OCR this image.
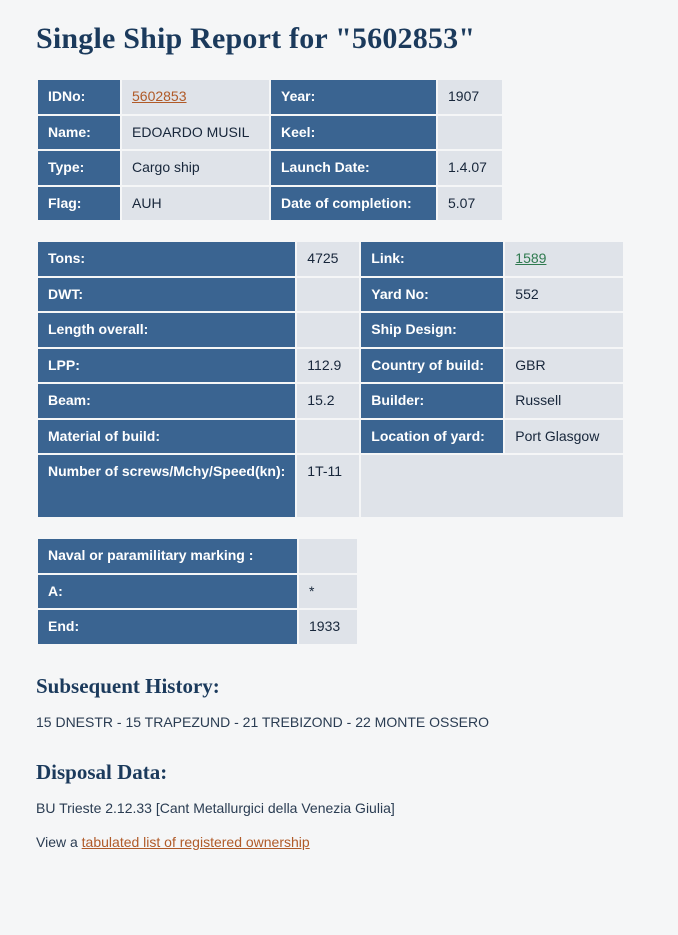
Single Ship Report for "5602853"
IDNo:	5602853	Year:	1907
Name:	EDOARDO MUSIL	Keel:	
Type:	Cargo ship	Launch Date:	1.4.07
Flag:	AUH	Date of completion:	5.07
Tons:	4725	Link:	1589
DWT:		Yard No:	552
Length overall:		Ship Design:	
LPP:	112.9	Country of build:	GBR
Beam:	15.2	Builder:	Russell
Material of build:		Location of yard:	Port Glasgow
Number of screws/Mchy/Speed(kn):	1T-11		
Naval or paramilitary marking :	
A:	*
End:	1933
Subsequent History:

15 DNESTR - 15 TRAPEZUND - 21 TREBIZOND - 22 MONTE OSSERO

Disposal Data:

BU Trieste 2.12.33 [Cant Metallurgici della Venezia Giulia]

View a tabulated list of registered ownership
